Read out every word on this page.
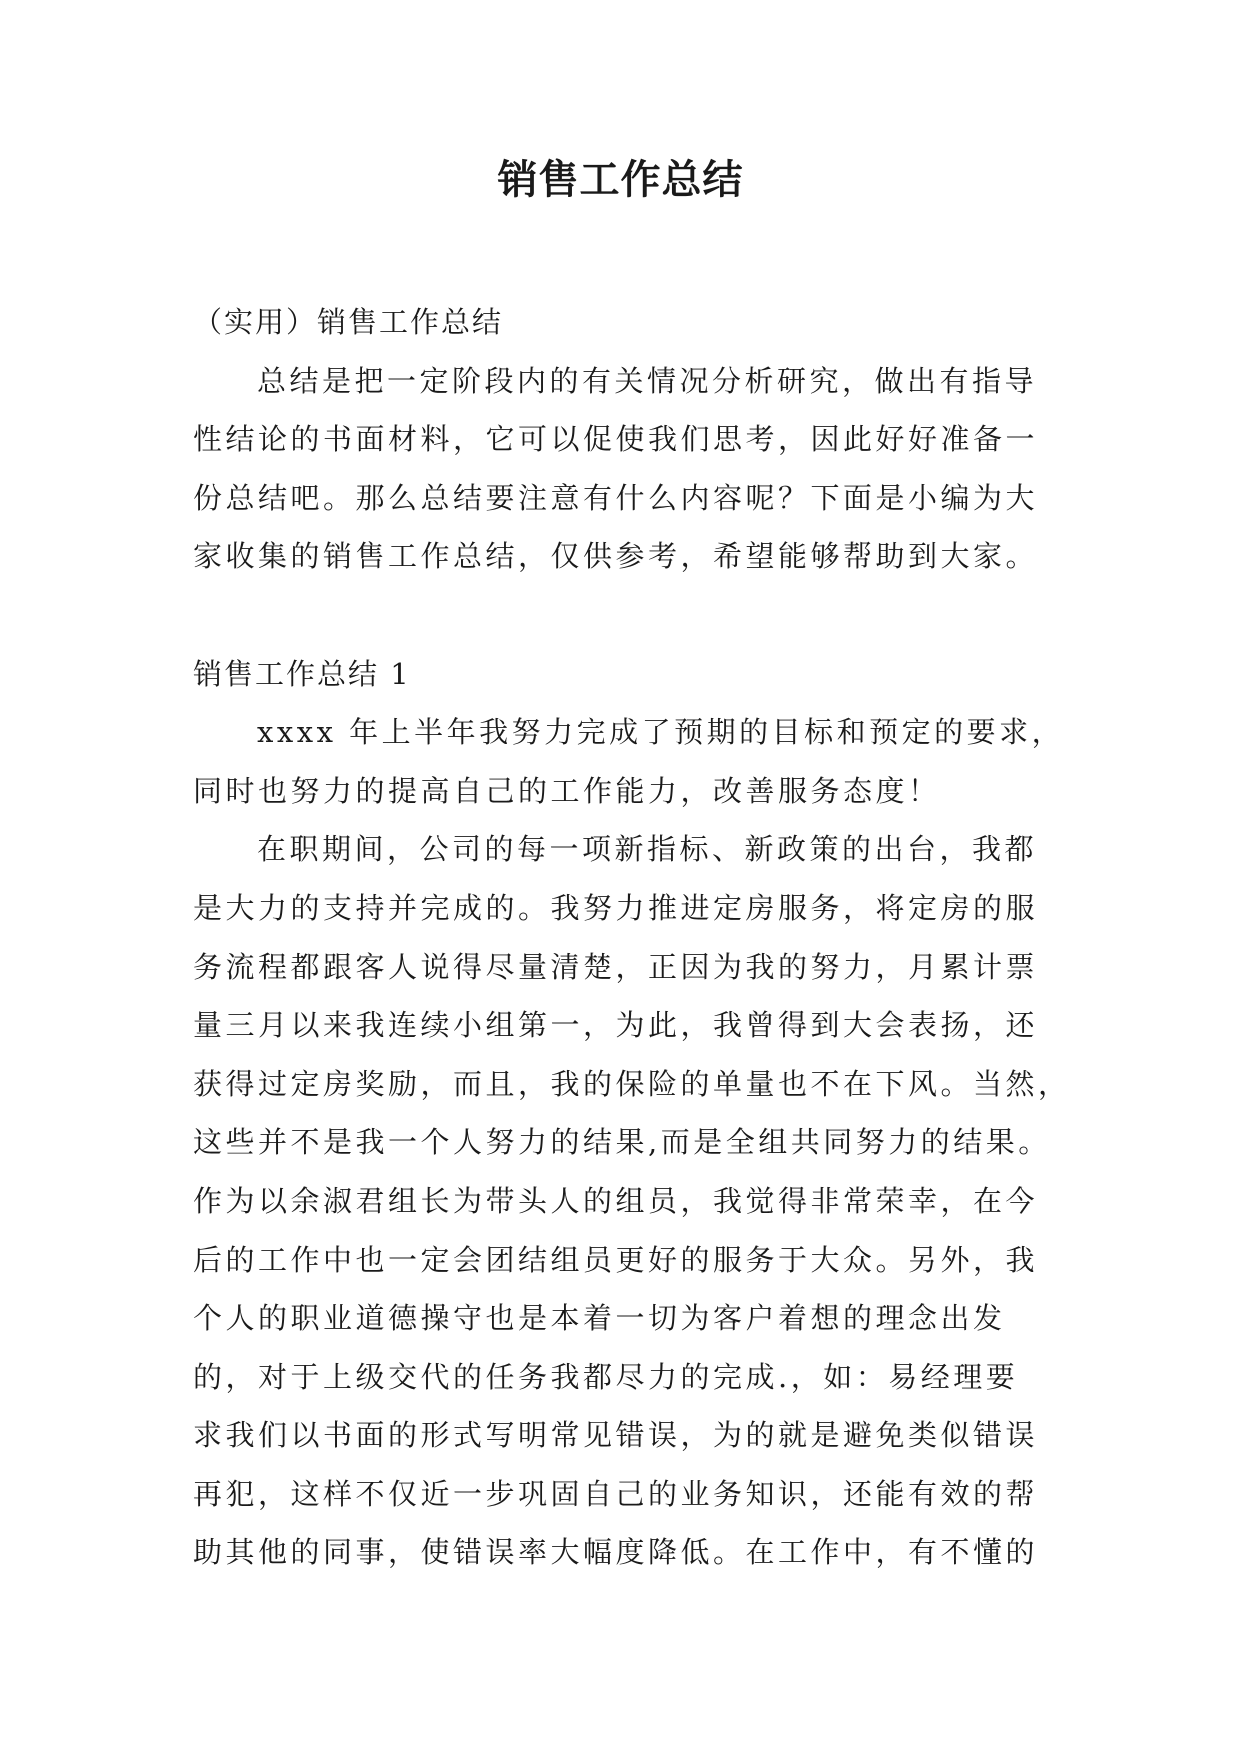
销售工作总结
（实用）销售工作总结
总结是把一定阶段内的有关情况分析研究，做出有指导
性结论的书面材料，它可以促使我们思考，因此好好准备一
份总结吧。那么总结要注意有什么内容呢？下面是小编为大
家收集的销售工作总结，仅供参考，希望能够帮助到大家。
销售工作总结 1
xxxx 年上半年我努力完成了预期的目标和预定的要求，
同时也努力的提高自己的工作能力，改善服务态度！
在职期间，公司的每一项新指标、新政策的出台，我都
是大力的支持并完成的。我努力推进定房服务，将定房的服
务流程都跟客人说得尽量清楚，正因为我的努力，月累计票
量三月以来我连续小组第一，为此，我曾得到大会表扬，还
获得过定房奖励，而且，我的保险的单量也不在下风。当然，
这些并不是我一个人努力的结果,而是全组共同努力的结果。
作为以余淑君组长为带头人的组员，我觉得非常荣幸，在今
后的工作中也一定会团结组员更好的服务于大众。另外，我
个人的职业道德操守也是本着一切为客户着想的理念出发
的，对于上级交代的任务我都尽力的完成.，如：易经理要
求我们以书面的形式写明常见错误，为的就是避免类似错误
再犯，这样不仅近一步巩固自己的业务知识，还能有效的帮
助其他的同事，使错误率大幅度降低。在工作中，有不懂的
